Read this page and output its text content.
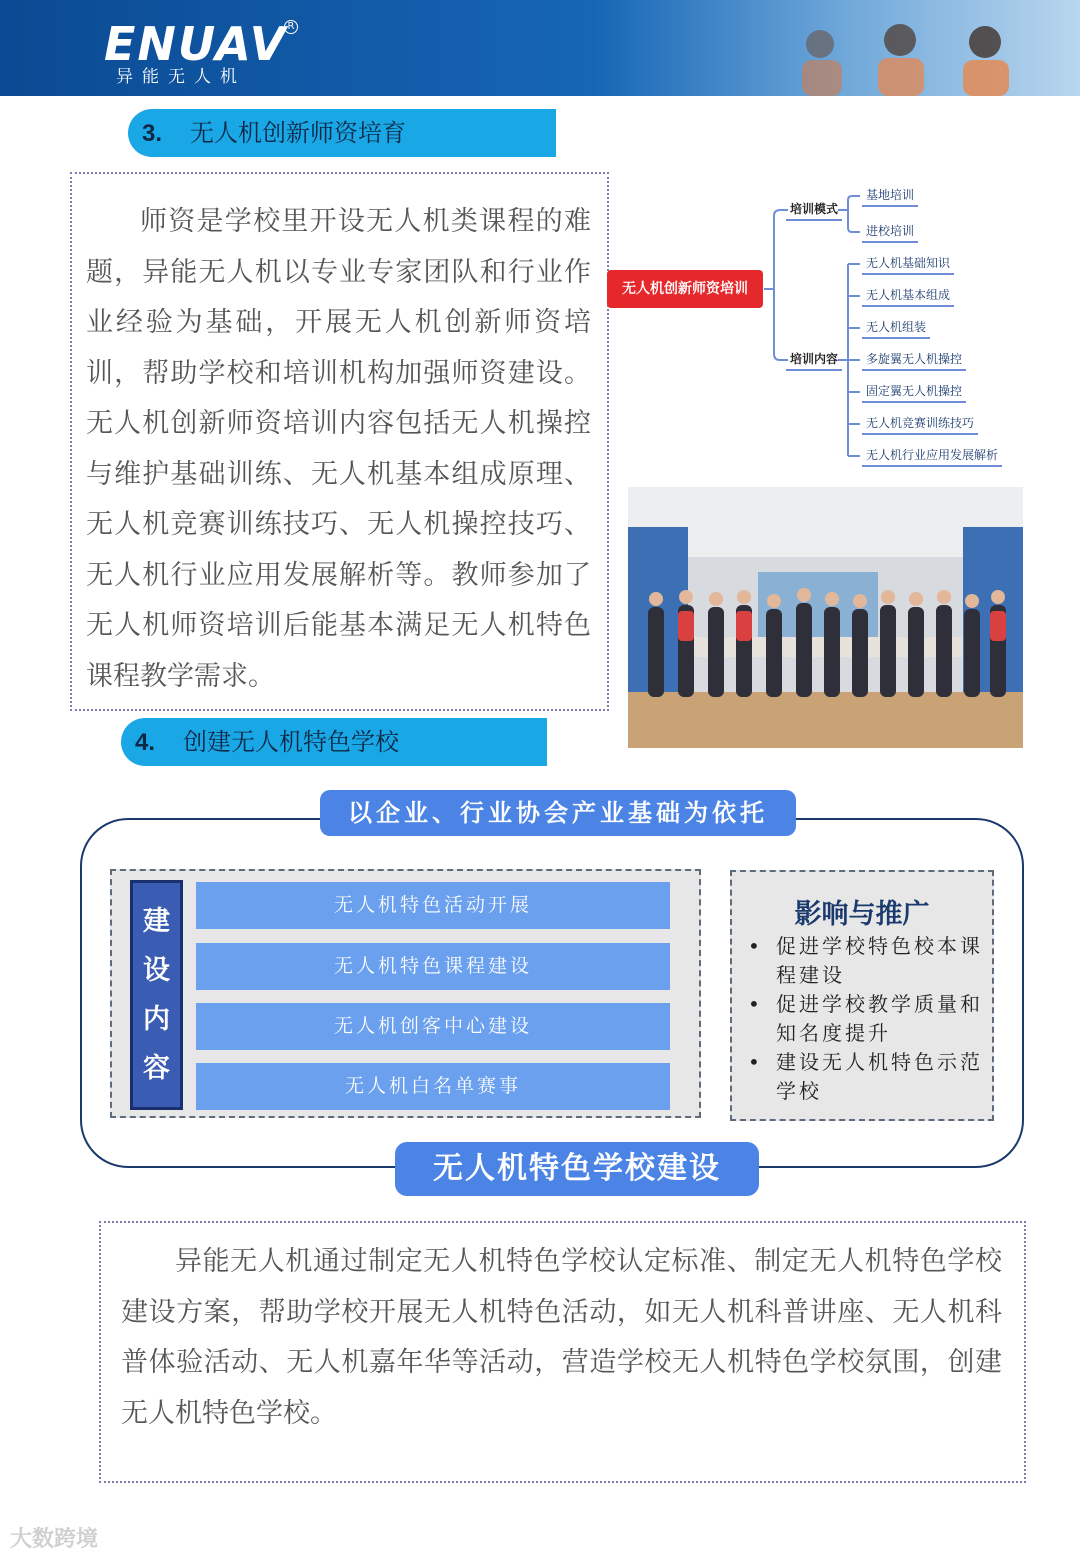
ENUAV
异能无人机
R
3. 无人机创新师资培育

师资是学校里开设无人机类课程的难题，异能无人机以专业专家团队和行业作业经验为基础，开展无人机创新师资培训，帮助学校和培训机构加强师资建设。无人机创新师资培训内容包括无人机操控与维护基础训练、无人机基本组成原理、无人机竞赛训练技巧、无人机操控技巧、无人机行业应用发展解析等。教师参加了无人机师资培训后能基本满足无人机特色课程教学需求。

无人机创新师资培训
培训模式
培训内容
基地培训
进校培训
无人机基础知识
无人机基本组成
无人机组装
多旋翼无人机操控
固定翼无人机操控
无人机竞赛训练技巧
无人机行业应用发展解析
4. 创建无人机特色学校
以企业、行业协会产业基础为依托
建
设
内
容
无人机特色活动开展
无人机特色课程建设
无人机创客中心建设
无人机白名单赛事
影响与推广
• 促进学校特色校本课程建设
• 促进学校教学质量和知名度提升
• 建设无人机特色示范学校
无人机特色学校建设

异能无人机通过制定无人机特色学校认定标准、制定无人机特色学校建设方案，帮助学校开展无人机特色活动，如无人机科普讲座、无人机科普体验活动、无人机嘉年华等活动，营造学校无人机特色学校氛围，创建无人机特色学校。

大数跨境
